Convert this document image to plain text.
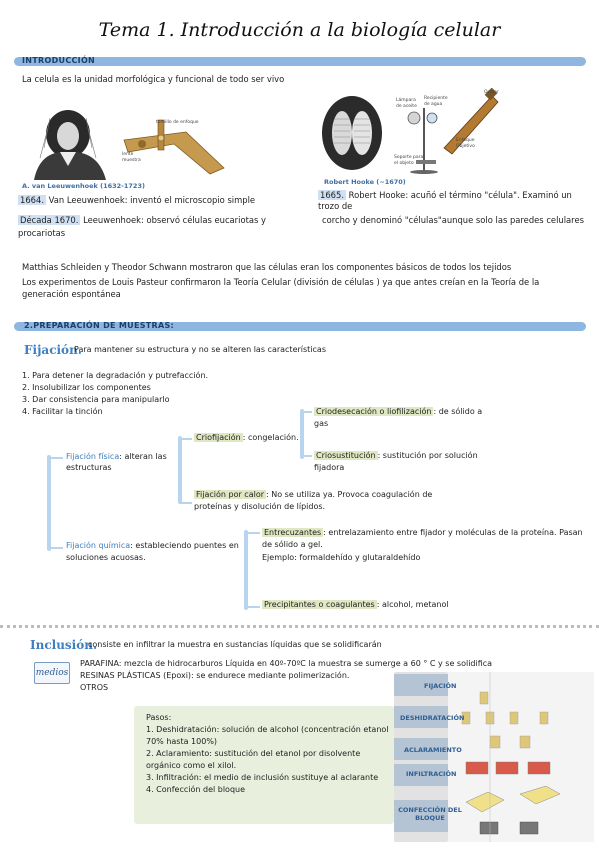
Tema 1. Introducción a la biología celular
INTRODUCCIÓN
La celula es la unidad morfológica y funcional de todo ser vivo
A. van Leeuwenhoek (1632-1723)
tornillo de enfoque
lente
muestra
1664. Van Leeuwenhoek: inventó el microscopio simple
Década 1670. Leeuwenhoek: observó células eucariotas y procariotas
Robert Hooke (~1670)
Ocular
Lámpara de aceite
Recipiente de agua
Enfoque
Objetivo
Soporte para el objeto
1665. Robert Hooke: acuñó el término "célula". Examinó un trozo de
corcho y denominó "células"aunque solo las paredes celulares
Matthias Schleiden y Theodor Schwann mostraron que las células eran los componentes básicos de todos los tejidos
Los experimentos de Louis Pasteur confirmaron la Teoría Celular (división de células ) ya que antes creían en la Teoría de la generación espontánea
2.PREPARACIÓN DE MUESTRAS:
Fijación.
Para mantener su estructura y no se alteren las características
1. Para detener la degradación y putrefacción.
2. Insolubilizar los componentes
3. Dar consistencia para manipularlo
4. Facilitar la tinción
Fijación física: alteran las estructuras
Criofijación : congelación.
Criodesecación o liofilización : de sólido a gas
Criosustitución : sustitución por solución fijadora
Fijación por calor : No se utiliza ya. Provoca coagulación de proteínas y disolución de lípidos.
Fijación química: estableciendo puentes en soluciones acuosas.
Entrecuzantes : entrelazamiento entre fijador y moléculas de la proteína. Pasan de sólido a gel.
Ejemplo: formaldehído y glutaraldehído
Precipitantes o coagulantes : alcohol, metanol
Inclusión.
consiste en infiltrar la muestra en sustancias líquidas que se solidificarán
medios
PARAFINA: mezcla de hidrocarburos Líquida en 40º-70ºC la muestra se sumerge a 60 ° C y se solidifica
RESINAS PLÁSTICAS (Epoxi): se endurece mediante polimerización.
OTROS
Pasos:
1. Deshidratación: solución de alcohol (concentración etanol 70% hasta 100%)
2. Aclaramiento: sustitución del etanol por disolvente orgánico como el xilol.
3. Infiltración: el medio de inclusión sustituye al aclarante
4. Confección del bloque
FIJACIÓN
DESHIDRATACIÓN
ACLARAMIENTO
INFILTRACIÓN
CONFECCIÓN DEL BLOQUE
